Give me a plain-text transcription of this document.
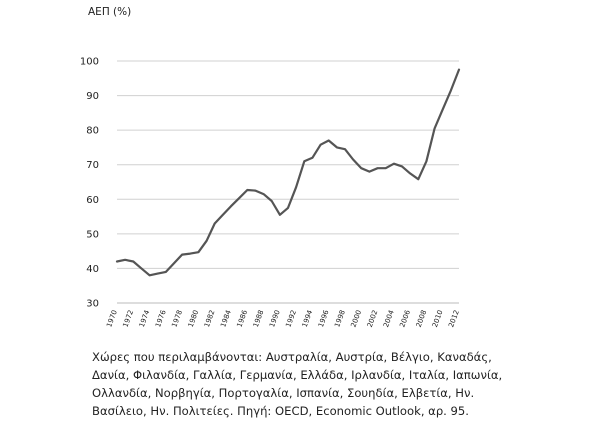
ΑΕΠ (%)
30
40
50
60
70
80
90
100
1970 1972 1974 1976 1978 1980 1982 1984 1986 1988 1990 1992 1994 1996 1998 2000 2002 2004 2006 2008 2010 2012

Χώρες που περιλαμβάνονται: Αυστραλία, Αυστρία, Βέλγιο, Καναδάς, Δανία, Φιλανδία, Γαλλία, Γερμανία, Ελλάδα, Ιρλανδία, Ιταλία, Ιαπωνία, Ολλανδία, Νορβηγία, Πορτογαλία, Ισπανία, Σουηδία, Ελβετία, Ην. Βασίλειο, Ην. Πολιτείες. Πηγή: OECD, Economic Outlook, αρ. 95.
